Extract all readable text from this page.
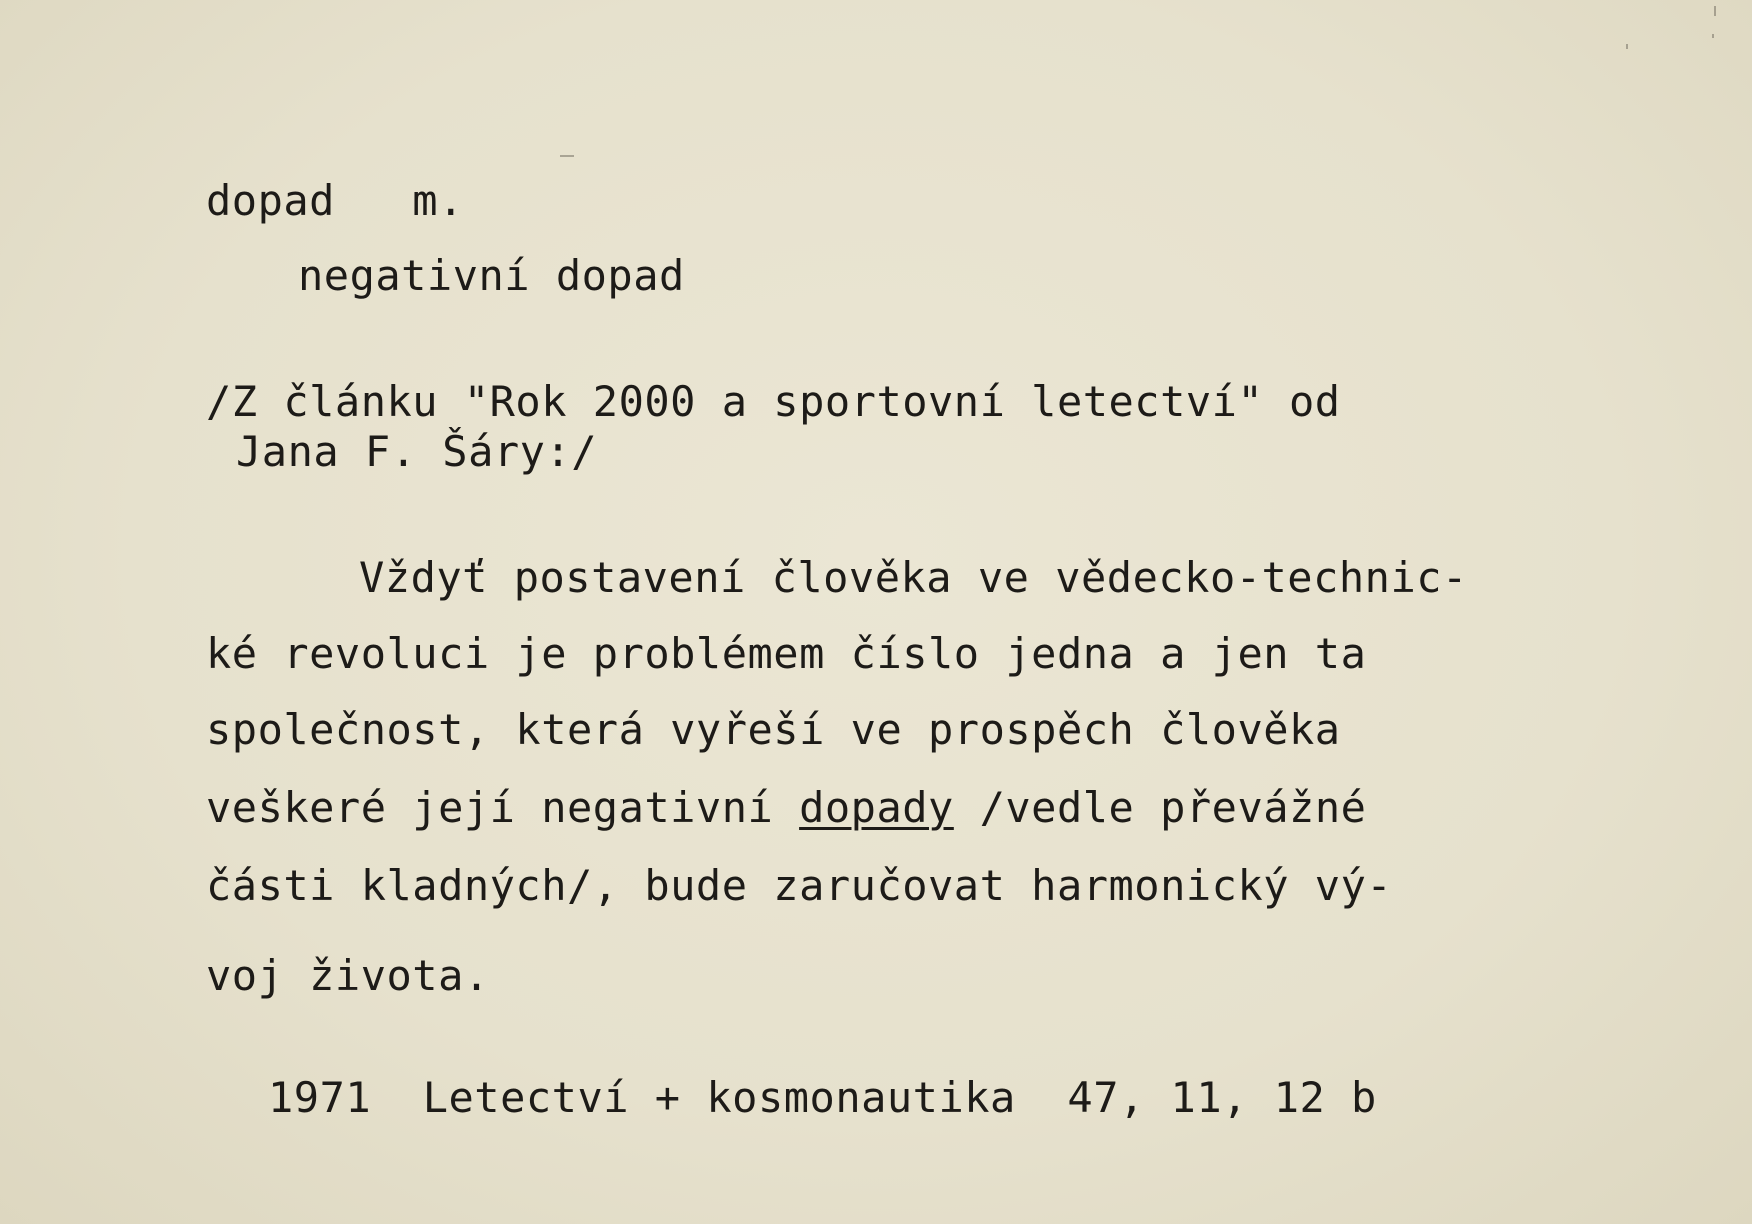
dopad m.
negativní dopad
/Z článku "Rok 2000 a sportovní letectví" od
Jana F. Šáry:/
Vždyť postavení člověka ve vědecko-technic-
ké revoluci je problémem číslo jedna a jen ta
společnost, která vyřeší ve prospěch člověka
veškeré její negativní dopady /vedle převážné
části kladných/, bude zaručovat harmonický vý-
voj života.
1971 Letectví + kosmonautika 47, 11, 12 b
